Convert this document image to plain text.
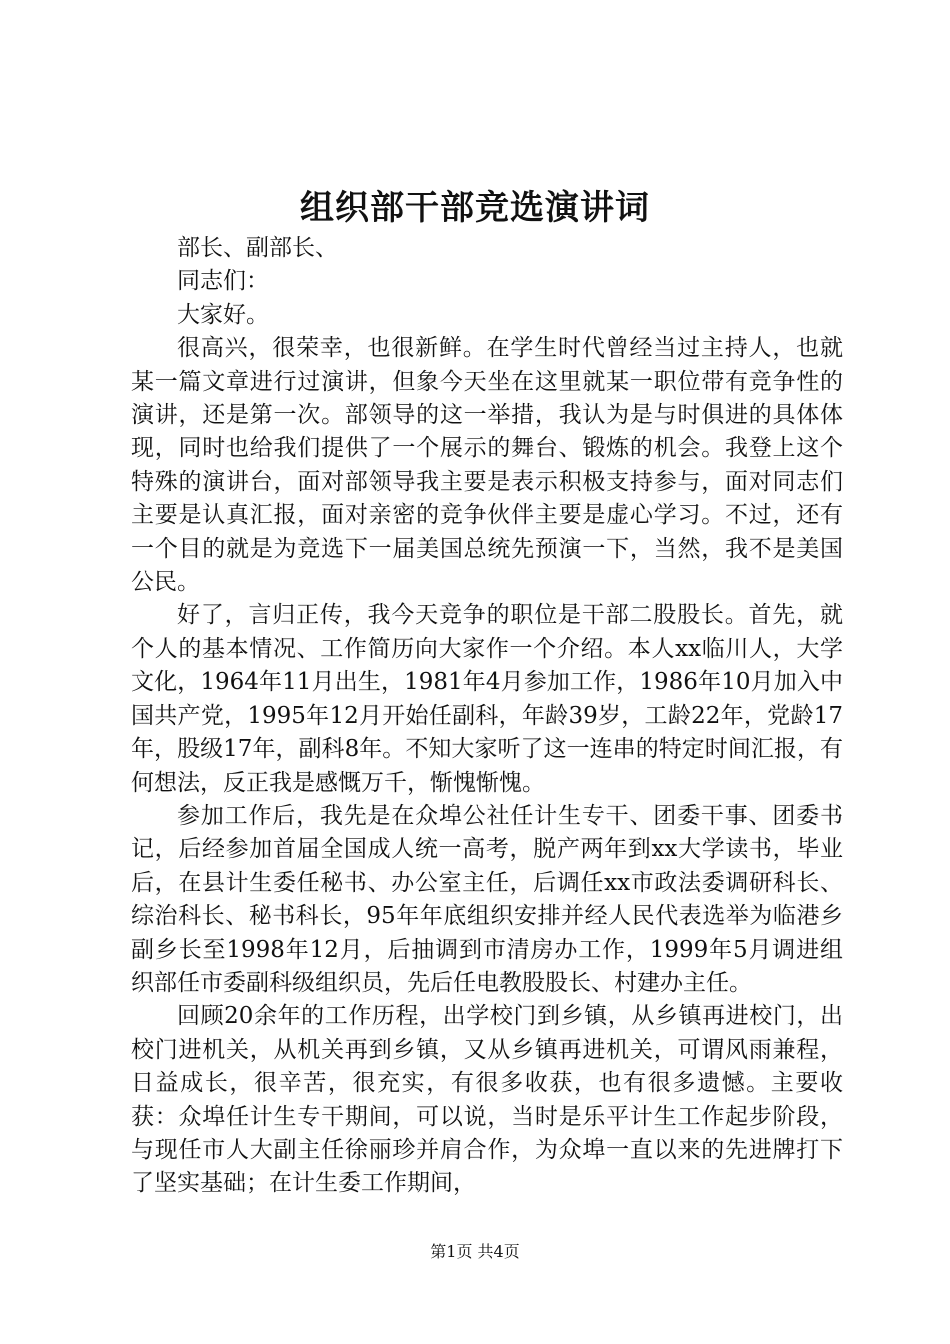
组织部干部竞选演讲词

部长、副部长、

同志们：

大家好。

很高兴，很荣幸，也很新鲜。在学生时代曾经当过主持人，也就某一篇文章进行过演讲，但象今天坐在这里就某一职位带有竞争性的演讲，还是第一次。部领导的这一举措，我认为是与时俱进的具体体现，同时也给我们提供了一个展示的舞台、锻炼的机会。我登上这个特殊的演讲台，面对部领导我主要是表示积极支持参与，面对同志们主要是认真汇报，面对亲密的竞争伙伴主要是虚心学习。不过，还有一个目的就是为竞选下一届美国总统先预演一下，当然，我不是美国公民。

好了，言归正传，我今天竞争的职位是干部二股股长。首先，就个人的基本情况、工作简历向大家作一个介绍。本人xx临川人，大学文化，1964年11月出生，1981年4月参加工作，1986年10月加入中国共产党，1995年12月开始任副科，年龄39岁，工龄22年，党龄17年，股级17年，副科8年。不知大家听了这一连串的特定时间汇报，有何想法，反正我是感慨万千，惭愧惭愧。

参加工作后，我先是在众埠公社任计生专干、团委干事、团委书记，后经参加首届全国成人统一高考，脱产两年到xx大学读书，毕业后，在县计生委任秘书、办公室主任，后调任xx市政法委调研科长、综治科长、秘书科长，95年年底组织安排并经人民代表选举为临港乡副乡长至1998年12月，后抽调到市清房办工作，1999年5月调进组织部任市委副科级组织员，先后任电教股股长、村建办主任。

回顾20余年的工作历程，出学校门到乡镇，从乡镇再进校门，出校门进机关，从机关再到乡镇，又从乡镇再进机关，可谓风雨兼程，日益成长，很辛苦，很充实，有很多收获，也有很多遗憾。主要收获：众埠任计生专干期间，可以说，当时是乐平计生工作起步阶段，与现任市人大副主任徐丽珍并肩合作，为众埠一直以来的先进牌打下了坚实基础；在计生委工作期间，

第1页 共4页
